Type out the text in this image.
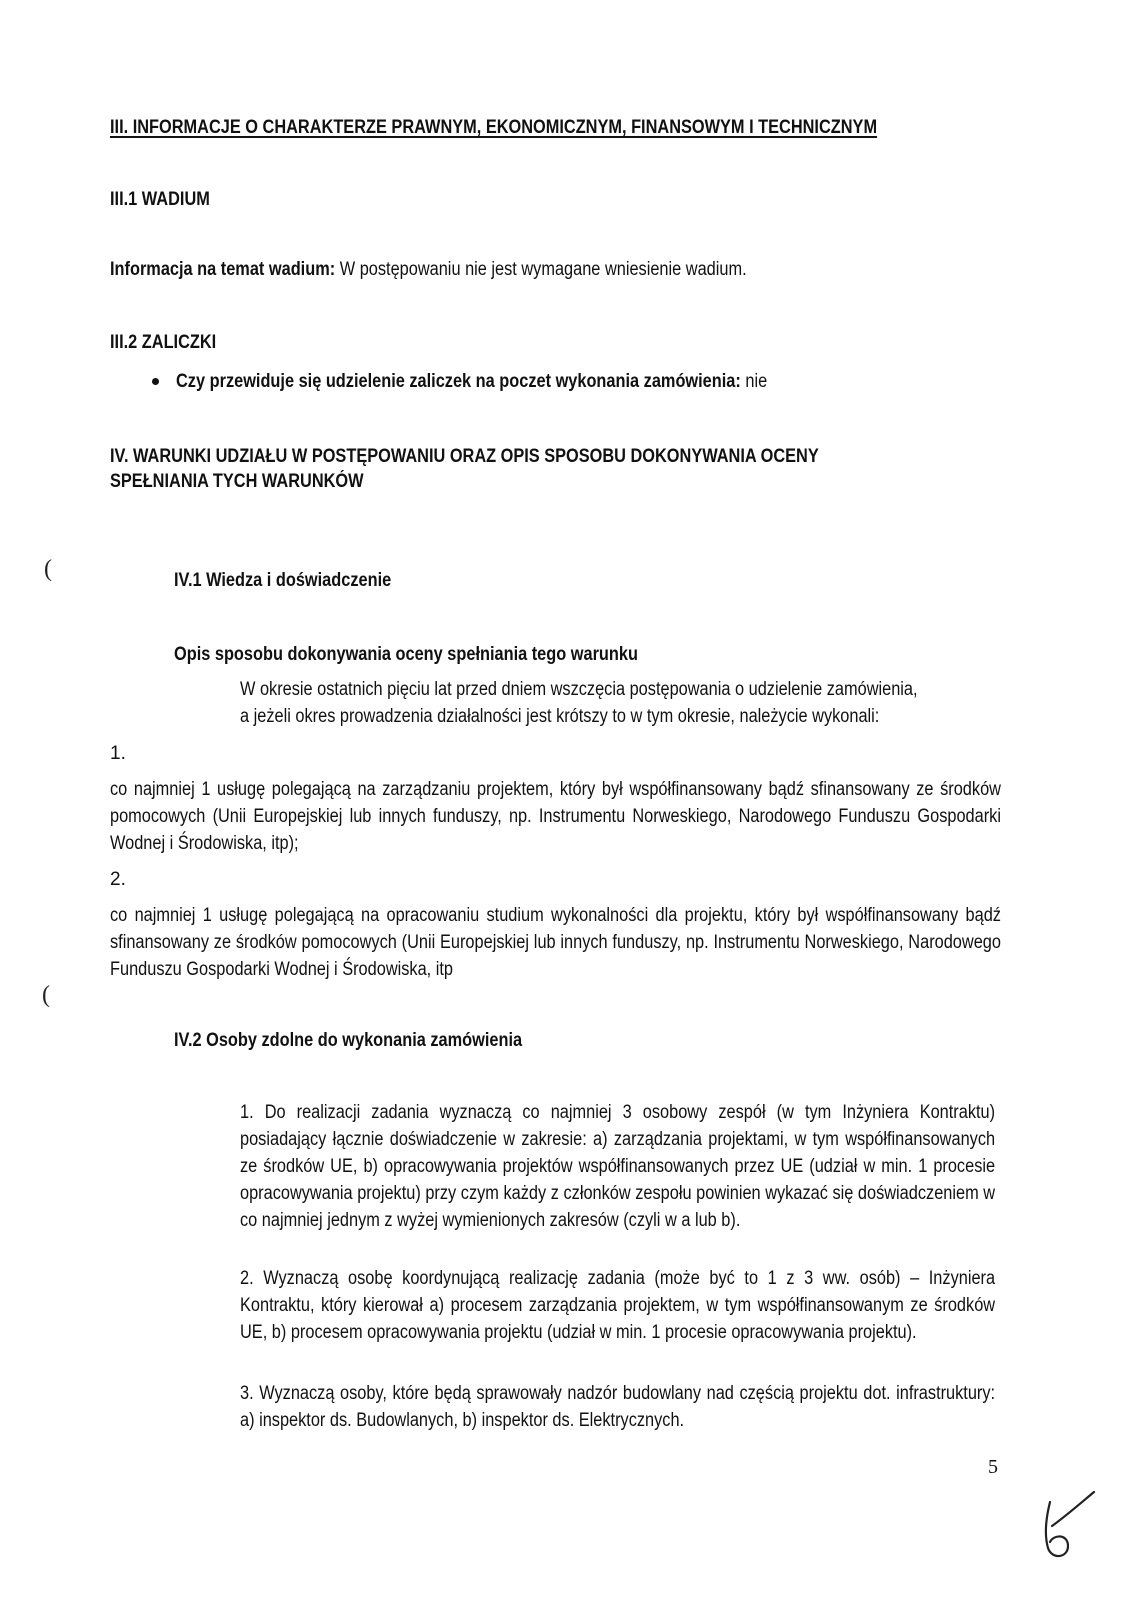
III. INFORMACJE O CHARAKTERZE PRAWNYM, EKONOMICZNYM, FINANSOWYM I TECHNICZNYM
III.1 WADIUM
Informacja na temat wadium: W postępowaniu nie jest wymagane wniesienie wadium.
III.2 ZALICZKI
Czy przewiduje się udzielenie zaliczek na poczet wykonania zamówienia: nie
IV. WARUNKI UDZIAŁU W POSTĘPOWANIU ORAZ OPIS SPOSOBU DOKONYWANIA OCENY
SPEŁNIANIA TYCH WARUNKÓW
(	IV.1 Wiedza i doświadczenie
Opis sposobu dokonywania oceny spełniania tego warunku
W okresie ostatnich pięciu lat przed dniem wszczęcia postępowania o udzielenie zamówienia,
a jeżeli okres prowadzenia działalności jest krótszy to w tym okresie, należycie wykonali:
1.
co najmniej 1 usługę polegającą na zarządzaniu projektem, który był współfinansowany bądź sfinansowany ze środków pomocowych (Unii Europejskiej lub innych funduszy, np. Instrumentu Norweskiego, Narodowego Funduszu Gospodarki Wodnej i Środowiska, itp);
2.
co najmniej 1 usługę polegającą na opracowaniu studium wykonalności dla projektu, który był współfinansowany bądź sfinansowany ze środków pomocowych (Unii Europejskiej lub innych funduszy, np. Instrumentu Norweskiego, Narodowego Funduszu Gospodarki Wodnej i Środowiska, itp
(
IV.2 Osoby zdolne do wykonania zamówienia
1. Do realizacji zadania wyznaczą co najmniej 3 osobowy zespół (w tym Inżyniera Kontraktu) posiadający łącznie doświadczenie w zakresie: a) zarządzania projektami, w tym współfinansowanych ze środków UE, b) opracowywania projektów współfinansowanych przez UE (udział w min. 1 procesie opracowywania projektu) przy czym każdy z członków zespołu powinien wykazać się doświadczeniem w co najmniej jednym z wyżej wymienionych zakresów (czyli w a lub b).
2. Wyznaczą osobę koordynującą realizację zadania (może być to 1 z 3 ww. osób) – Inżyniera Kontraktu, który kierował a) procesem zarządzania projektem, w tym współfinansowanym ze środków UE, b) procesem opracowywania projektu (udział w min. 1 procesie opracowywania projektu).
3. Wyznaczą osoby, które będą sprawowały nadzór budowlany nad częścią projektu dot. infrastruktury: a) inspektor ds. Budowlanych, b) inspektor ds. Elektrycznych.
5
